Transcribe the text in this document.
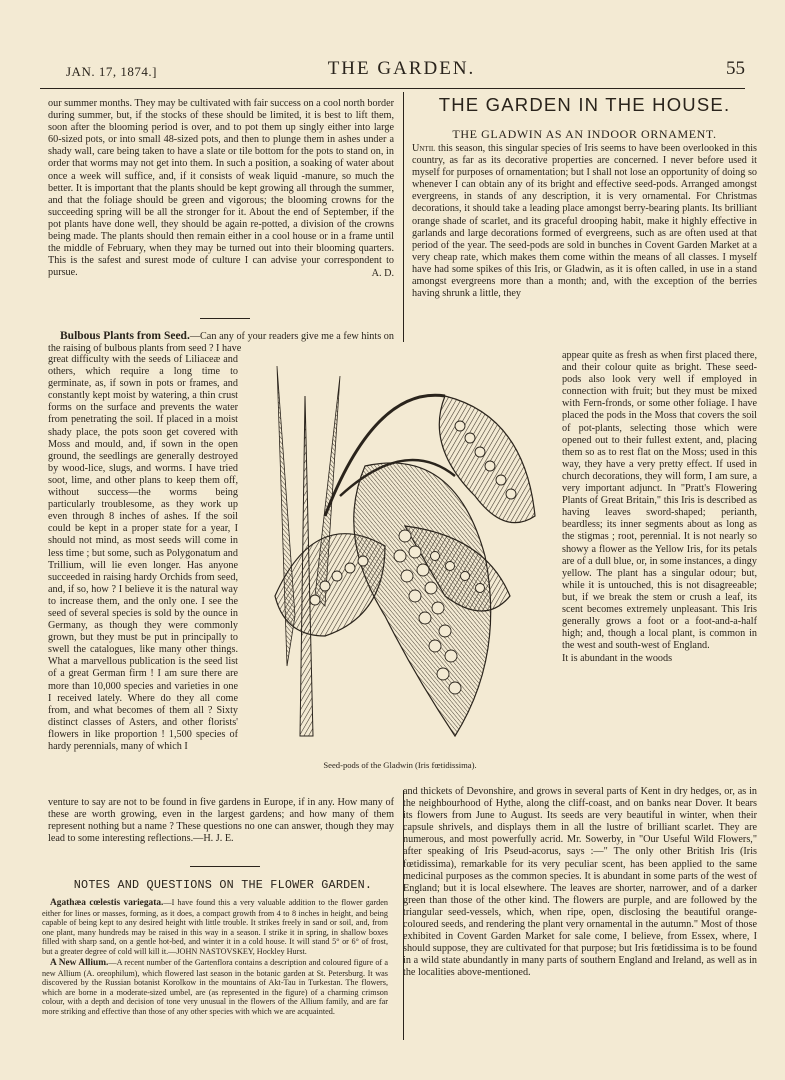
JAN. 17, 1874.]	THE GARDEN.	55

our summer months. They may be cultivated with fair success on a cool north border during summer, but, if the stocks of these should be limited, it is best to lift them, soon after the blooming period is over, and to pot them up singly either into large 60-sized pots, or into small 48-sized pots, and then to plunge them in ashes under a shady wall, care being taken to have a slate or tile bottom for the pots to stand on, in order that worms may not get into them. In such a position, a soaking of water about once a week will suffice, and, if it consists of weak liquid -manure, so much the better. It is important that the plants should be kept growing all through the summer, and that the foliage should be green and vigorous; the blooming crowns for the succeeding spring will be all the stronger for it. About the end of September, if the pot plants have done well, they should be again re-potted, a division of the crowns being made. The plants should then remain either in a cool house or in a frame until the middle of February, when they may be turned out into their blooming quarters. This is the safest and surest mode of culture I can advise your correspondent to pursue.	A. D.

Bulbous Plants from Seed.—Can any of your readers give me a few hints on the raising of bulbous plants from seed ? I have

great difficulty with the seeds of Liliaceæ and others, which require a long time to germinate, as, if sown in pots or frames, and constantly kept moist by watering, a thin crust forms on the surface and prevents the water from penetrating the soil. If placed in a moist shady place, the pots soon get covered with Moss and mould, and, if sown in the open ground, the seedlings are generally destroyed by wood-lice, slugs, and worms. I have tried soot, lime, and other plans to keep them off, without success—the worms being particularly troublesome, as they work up even through 8 inches of ashes. If the soil could be kept in a proper state for a year, I should not mind, as most seeds will come in less time ; but some, such as Polygonatum and Trillium, will lie even longer. Has anyone succeeded in raising hardy Orchids from seed, and, if so, how ? I believe it is the natural way to increase them, and the only one. I see the seed of several species is sold by the ounce in Germany, as though they were commonly grown, but they must be put in principally to swell the catalogues, like many other things. What a marvellous publication is the seed list of a great German firm ! I am sure there are more than 10,000 species and varieties in one I received lately. Where do they all come from, and what becomes of them all ? Sixty distinct classes of Asters, and other florists' flowers in like proportion ! 1,500 species of hardy perennials, many of which I

venture to say are not to be found in five gardens in Europe, if in any. How many of these are worth growing, even in the largest gardens; and how many of them represent nothing but a name ? These questions no one can answer, though they may lead to some interesting reflections.—H. J. E.

NOTES AND QUESTIONS ON THE FLOWER GARDEN.

Agathæa cœlestis variegata.—I have found this a very valuable addition to the flower garden either for lines or masses, forming, as it does, a compact growth from 4 to 8 inches in height, and being capable of being kept to any desired height with little trouble. It strikes freely in sand or soil, and, from one plant, many hundreds may be raised in this way in a season. I strike it in spring, in shallow boxes filled with sharp sand, on a gentle hot-bed, and winter it in a cold house. It will stand 5° or 6° of frost, but a greater degree of cold will kill it.—JOHN NASTOVSKEY, Hockley Hurst.

A New Allium.—A recent number of the Gartenflora contains a description and coloured figure of a new Allium (A. oreophilum), which flowered last season in the botanic garden at St. Petersburg. It was discovered by the Russian botanist Korolkow in the mountains of Akt-Tau in Turkestan. The flowers, which are borne in a moderate-sized umbel, are (as represented in the figure) of a charming crimson colour, with a depth and decision of tone very unusual in the flowers of the Allium family, and are far more striking and effective than those of any other species with which we are acquainted.

THE GARDEN IN THE HOUSE.
THE GLADWIN AS AN INDOOR ORNAMENT.

Until this season, this singular species of Iris seems to have been overlooked in this country, as far as its decorative properties are concerned. I never before used it myself for purposes of ornamentation; but I shall not lose an opportunity of doing so whenever I can obtain any of its bright and effective seed-pods. Arranged amongst evergreens, in stands of any description, it is very ornamental. For Christmas decorations, it should take a leading place amongst berry-bearing plants. Its brilliant orange shade of scarlet, and its graceful drooping habit, make it highly effective in garlands and large decorations formed of evergreens, such as are often used at that period of the year. The seed-pods are sold in bunches in Covent Garden Market at a very cheap rate, which makes them come within the means of all classes. I myself have had some spikes of this Iris, or Gladwin, as it is often called, in use in a stand amongst evergreens more than a month; and, with the exception of the berries having shrunk a little, they

appear quite as fresh as when first placed there, and their colour quite as bright. These seed-pods also look very well if employed in connection with fruit; but they must be mixed with Fern-fronds, or some other foliage. I have placed the pods in the Moss that covers the soil of pot-plants, selecting those which were opened out to their fullest extent, and, placing them so as to rest flat on the Moss; used in this way, they have a very pretty effect. If used in church decorations, they will form, I am sure, a very important adjunct. In "Pratt's Flowering Plants of Great Britain," this Iris is described as having leaves sword-shaped; perianth, beardless; its inner segments about as long as the stigmas ; root, perennial. It is not nearly so showy a flower as the Yellow Iris, for its petals are of a dull blue, or, in some instances, a dingy yellow. The plant has a singular odour; but, while it is untouched, this is not disagreeable; but, if we break the stem or crush a leaf, its scent becomes extremely unpleasant. This Iris generally grows a foot or a foot-and-a-half high; and, though a local plant, is common in the west and south-west of England.

It is abundant in the woods

and thickets of Devonshire, and grows in several parts of Kent in dry hedges, or, as in the neighbourhood of Hythe, along the cliff-coast, and on banks near Dover. It bears its flowers from June to August. Its seeds are very beautiful in winter, when their capsule shrivels, and displays them in all the lustre of brilliant scarlet. They are numerous, and most powerfully acrid. Mr. Sowerby, in "Our Useful Wild Flowers," after speaking of Iris Pseud-acorus, says :—" The only other British Iris (Iris fœtidissima), remarkable for its very peculiar scent, has been applied to the same medicinal purposes as the common species. It is abundant in some parts of the west of England; but it is local elsewhere. The leaves are shorter, narrower, and of a darker green than those of the other kind. The flowers are purple, and are followed by the triangular seed-vessels, which, when ripe, open, disclosing the beautiful orange-coloured seeds, and rendering the plant very ornamental in the autumn." Most of those exhibited in Covent Garden Market for sale come, I believe, from Essex, where, I should suppose, they are cultivated for that purpose; but Iris fœtidissima is to be found in a wild state abundantly in many parts of southern England and Ireland, as well as in the localities above-mentioned.

Seed-pods of the Gladwin (Iris fœtidissima).
